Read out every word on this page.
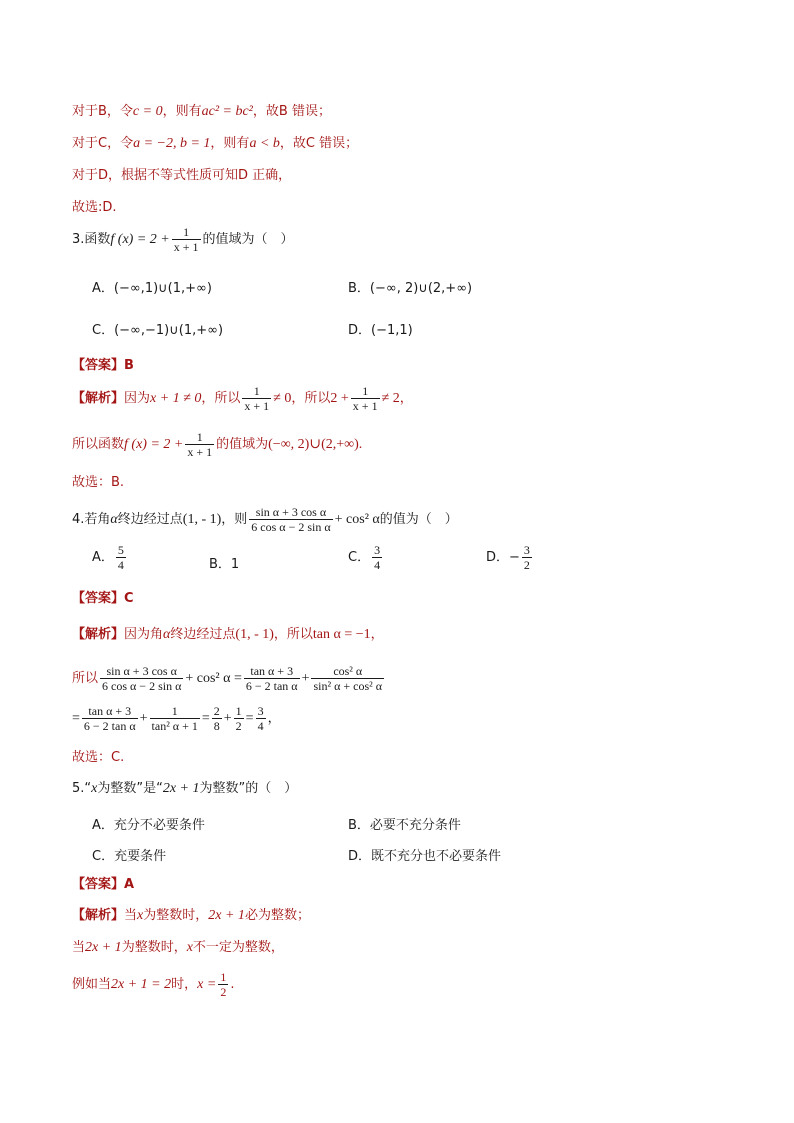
对于B，令c = 0，则有ac² = bc²，故B 错误；
对于C，令a = −2, b = 1，则有a < b，故C 错误；
对于D，根据不等式性质可知D 正确，
故选:D.
3.函数f $(x) = 2 + \frac{1}{x + 1}$ 的值域为（　）
A．(−∞,1)∪(1,+∞)	B．(−∞, 2)∪(2,+∞)
C．(−∞,−1)∪(1,+∞)	D．(−1,1)
【答案】B
【解析】因为x + 1 ≠ 0，所以 $\frac{1}{x + 1} \ne 0$，所以$2 + \frac{1}{x + 1} \ne 2$，
所以函数f $(x) = 2 + \frac{1}{x + 1}$ 的值域为(−∞, 2)∪(2,+∞).
故选：B.
4.若角α终边经过点(1, - 1)，则 $\frac{\text{sin α + 3 cos α}}{\text{6 cos α − 2 sin α}} + \cos^2$ α的值为（　）
A． $\frac{5}{4}$	B．1	C． $\frac{3}{4}$	D．− $\frac{3}{2}$
【答案】C
【解析】因为角α终边经过点(1, - 1)，所以tan α = −1，
所以 $\frac{\text{sin α + 3 cos α}}{\text{6 cos α − 2 sin α}} + \cos^2$ $\alpha = \frac{\text{tan α + 3}}{\text{6 − 2 tan α}} + \frac{\text{cos² α}}{\text{sin² α + cos² α}}$
= $\frac{\text{tan α + 3}}{\text{6 − 2 tan α}} + \frac{1}{\text{tan² α + 1}} = \frac{2}{8} + \frac{1}{2} = \frac{3}{4}$ ，
故选：C.
5.“x为整数”是“2x + 1为整数”的（　）
A．充分不必要条件	B．必要不充分条件
C．充要条件	D．既不充分也不必要条件
【答案】A
【解析】当x为整数时，2x + 1必为整数；
当2x + 1为整数时，x不一定为整数，
例如当2x + 1 = 2时，$x = \frac{1}{2}$ .
